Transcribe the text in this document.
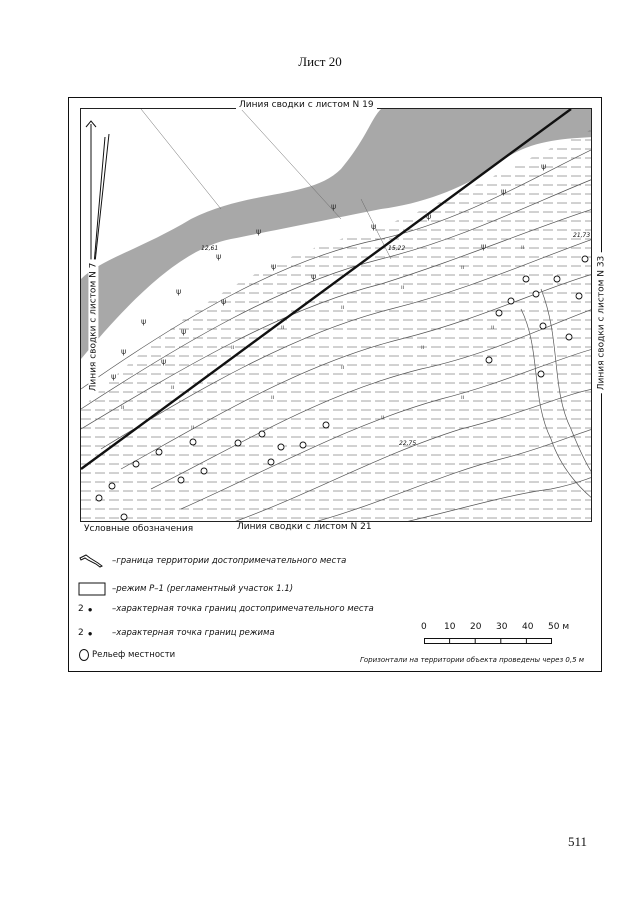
Лист 20
ψ
ψ
ψ
ψ
ψ
ψ
ψ
ψ
ψ
ψ
ψ
ψ
ψ
ψ
ψ
ψ
ψ
ıı
ıı
ıı
ıı
ıı
ıı
ıı
ıı
ıı
ıı
ıı
ıı
ıı
ıı
ıı
12,61	15,22
21,73
22,75
Линия сводки с листом N 19
Линия сводки с листом N 21
Линия сводки с листом N 7	Линия сводки с листом N 33
Условные обозначения
–граница территории достопримечательного места
–режим Р–1 (регламентный участок 1.1)
2 ● –характерная точка границ достопримечательного места
2 ● –характерная точка границ режима
Рельеф местности
0 10 20 30 40 50 м
Горизонтали на территории объекта проведены через 0,5 м
511
